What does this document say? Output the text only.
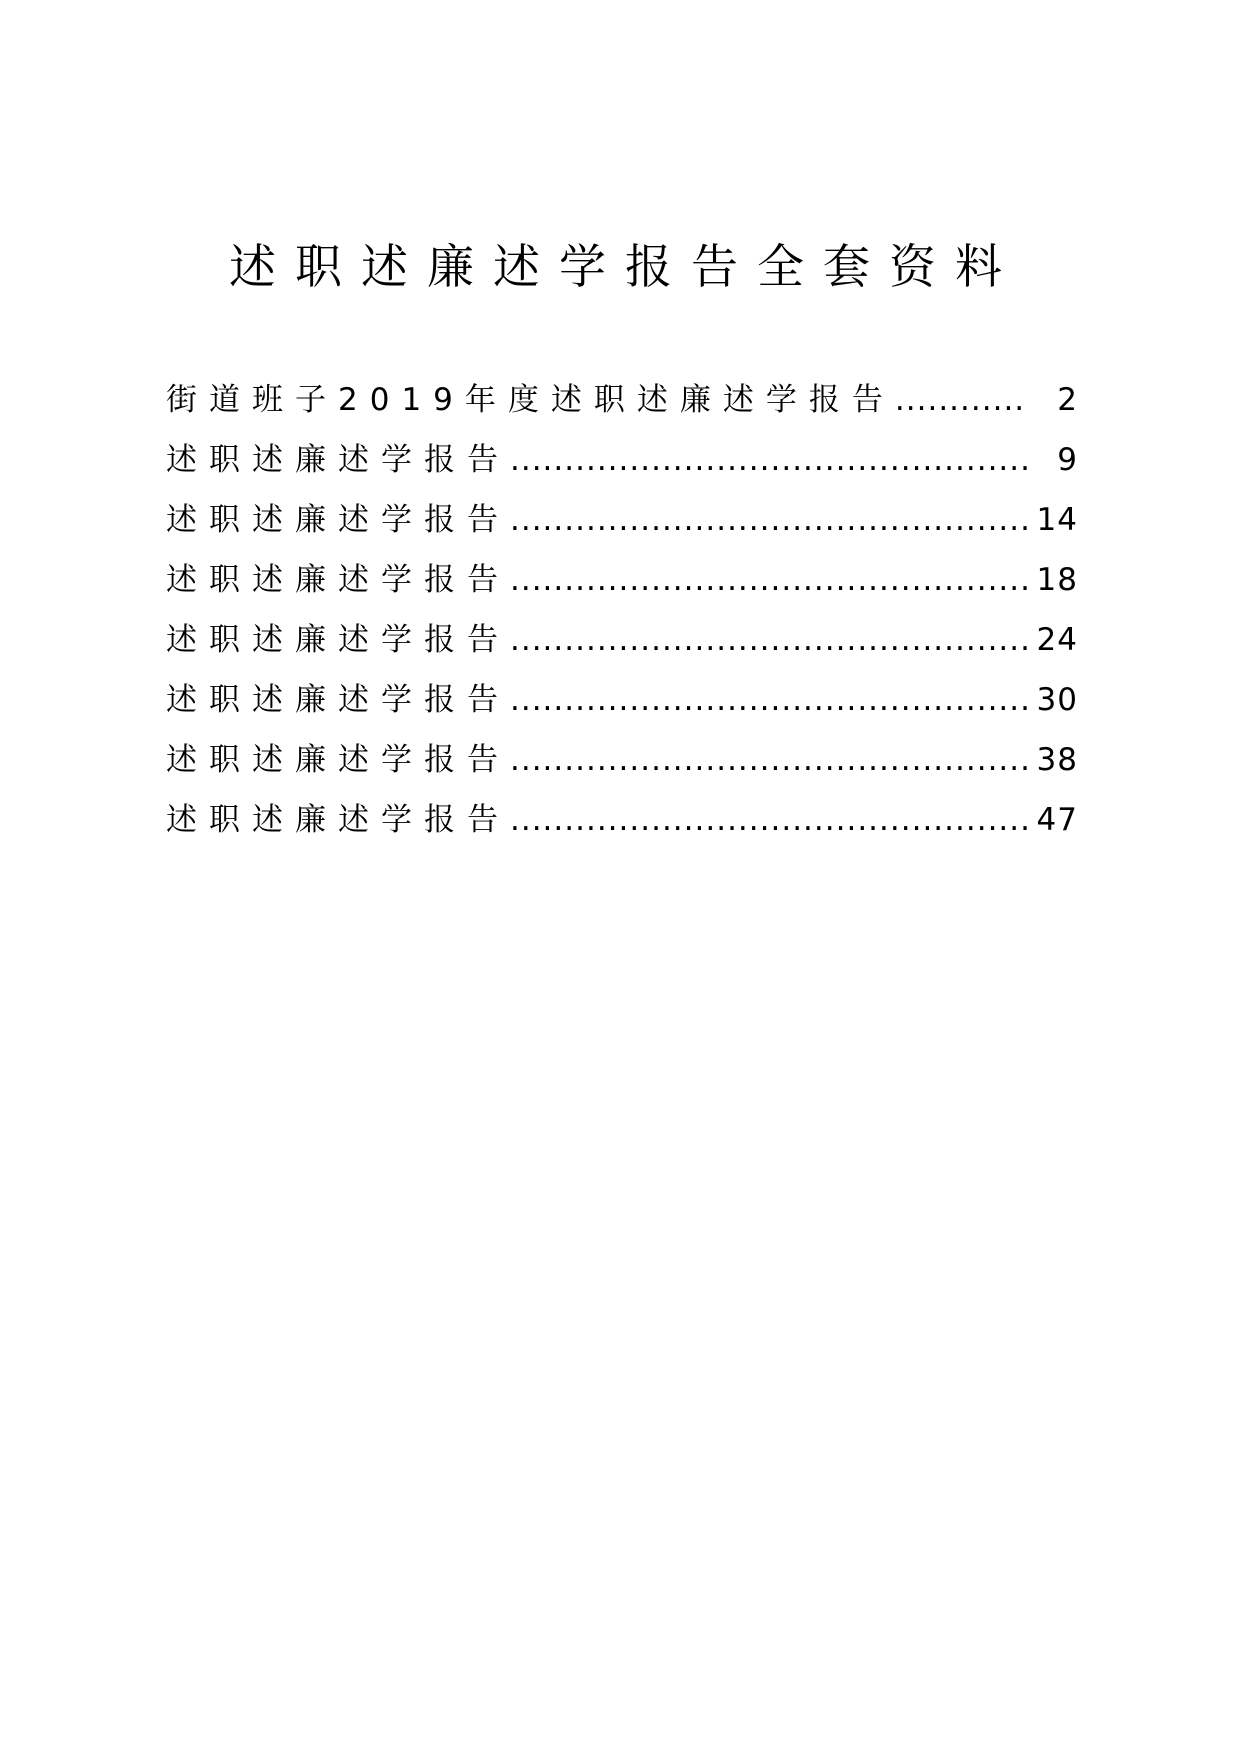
述职述廉述学报告全套资料
街道班子2019年度述职述廉述学报告 .....	2
述职述廉述学报告 .....	9
述职述廉述学报告 .....	14
述职述廉述学报告 .....	18
述职述廉述学报告 .....	24
述职述廉述学报告 .....	30
述职述廉述学报告 .....	38
述职述廉述学报告 .....	47
